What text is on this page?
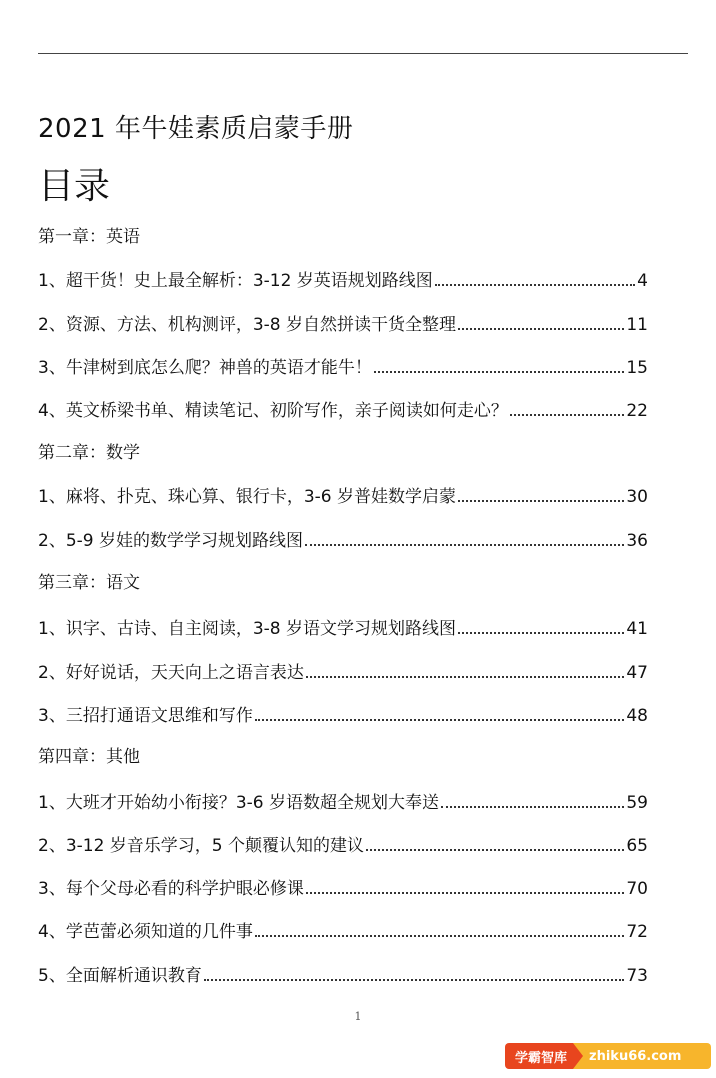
2021 年牛娃素质启蒙手册
目录
第一章：英语
1、超干货！史上最全解析：3-12 岁英语规划路线图	4
2、资源、方法、机构测评，3-8 岁自然拼读干货全整理	11
3、牛津树到底怎么爬？神兽的英语才能牛！	15
4、英文桥梁书单、精读笔记、初阶写作，亲子阅读如何走心？	22
第二章：数学
1、麻将、扑克、珠心算、银行卡，3-6 岁普娃数学启蒙	30
2、5-9 岁娃的数学学习规划路线图	36
第三章：语文
1、识字、古诗、自主阅读，3-8 岁语文学习规划路线图	41
2、好好说话，天天向上之语言表达	47
3、三招打通语文思维和写作	48
第四章：其他
1、大班才开始幼小衔接？3-6 岁语数超全规划大奉送	59
2、3-12 岁音乐学习，5 个颠覆认知的建议	65
3、每个父母必看的科学护眼必修课	70
4、学芭蕾必须知道的几件事	72
5、全面解析通识教育	73
1
学霸智库	zhiku66.com
